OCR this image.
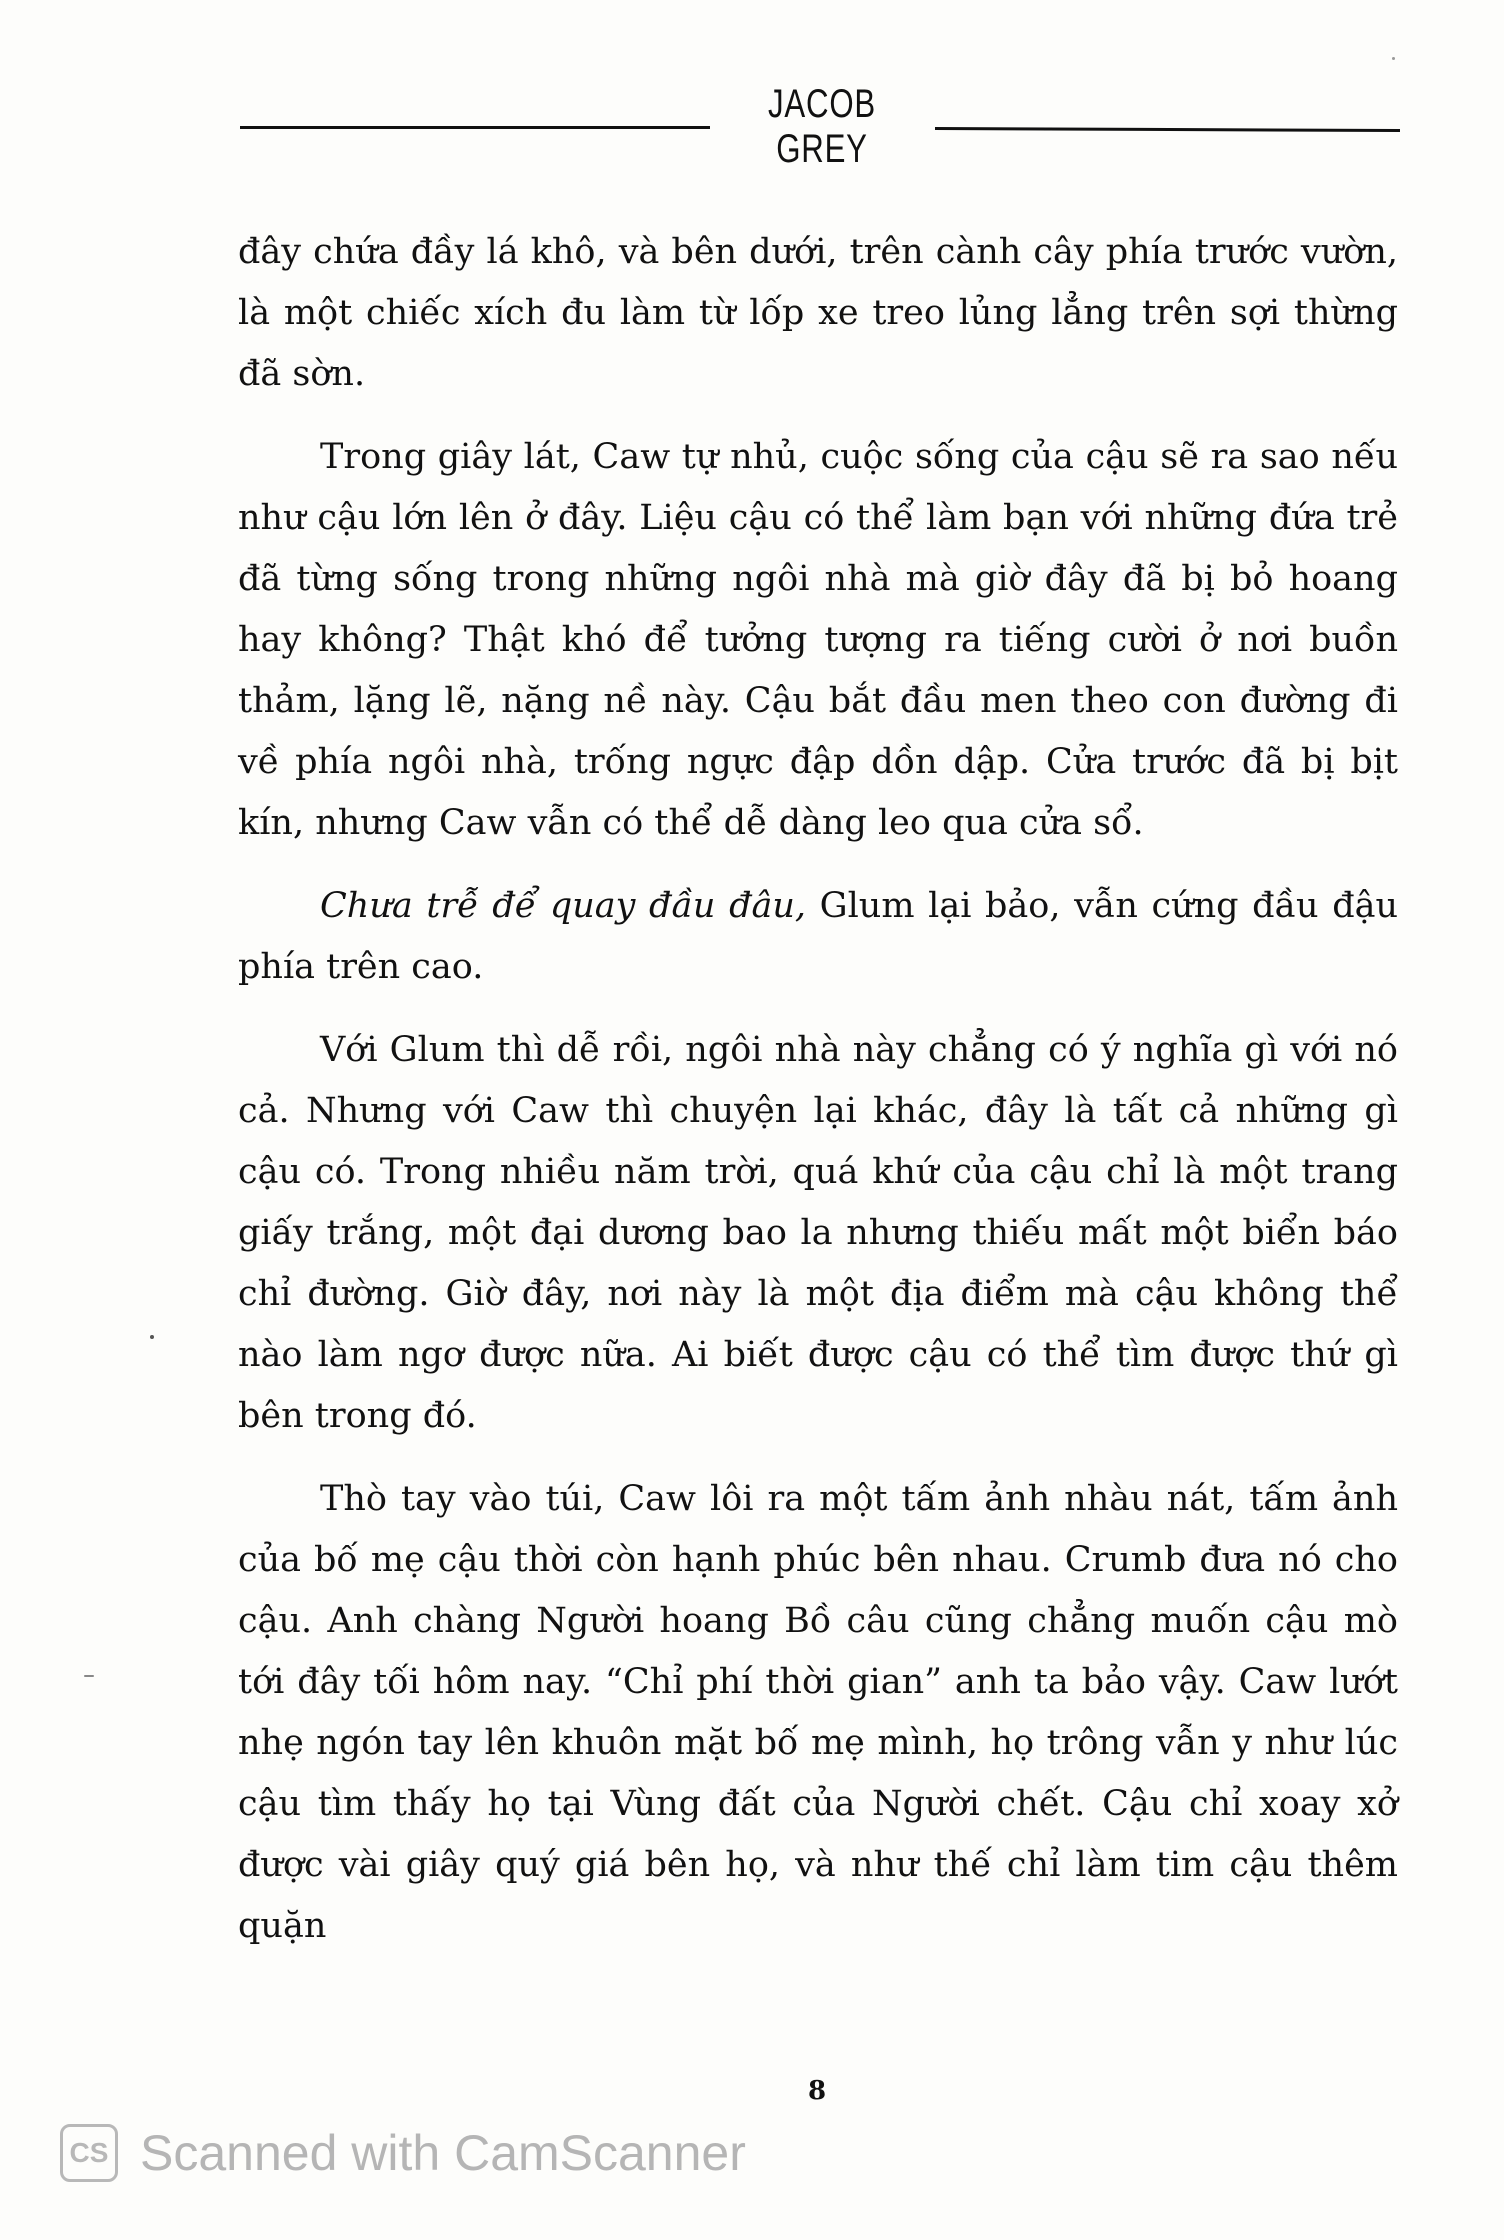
JACOB GREY

đây chứa đầy lá khô, và bên dưới, trên cành cây phía trước vườn, là một chiếc xích đu làm từ lốp xe treo lủng lẳng trên sợi thừng đã sờn.

Trong giây lát, Caw tự nhủ, cuộc sống của cậu sẽ ra sao nếu như cậu lớn lên ở đây. Liệu cậu có thể làm bạn với những đứa trẻ đã từng sống trong những ngôi nhà mà giờ đây đã bị bỏ hoang hay không? Thật khó để tưởng tượng ra tiếng cười ở nơi buồn thảm, lặng lẽ, nặng nề này. Cậu bắt đầu men theo con đường đi về phía ngôi nhà, trống ngực đập dồn dập. Cửa trước đã bị bịt kín, nhưng Caw vẫn có thể dễ dàng leo qua cửa sổ.

Chưa trễ để quay đầu đâu, Glum lại bảo, vẫn cứng đầu đậu phía trên cao.

Với Glum thì dễ rồi, ngôi nhà này chẳng có ý nghĩa gì với nó cả. Nhưng với Caw thì chuyện lại khác, đây là tất cả những gì cậu có. Trong nhiều năm trời, quá khứ của cậu chỉ là một trang giấy trắng, một đại dương bao la nhưng thiếu mất một biển báo chỉ đường. Giờ đây, nơi này là một địa điểm mà cậu không thể nào làm ngơ được nữa. Ai biết được cậu có thể tìm được thứ gì bên trong đó.

Thò tay vào túi, Caw lôi ra một tấm ảnh nhàu nát, tấm ảnh của bố mẹ cậu thời còn hạnh phúc bên nhau. Crumb đưa nó cho cậu. Anh chàng Người hoang Bồ câu cũng chẳng muốn cậu mò tới đây tối hôm nay. “Chỉ phí thời gian” anh ta bảo vậy. Caw lướt nhẹ ngón tay lên khuôn mặt bố mẹ mình, họ trông vẫn y như lúc cậu tìm thấy họ tại Vùng đất của Người chết. Cậu chỉ xoay xở được vài giây quý giá bên họ, và như thế chỉ làm tim cậu thêm quặn

8
CS Scanned with CamScanner
